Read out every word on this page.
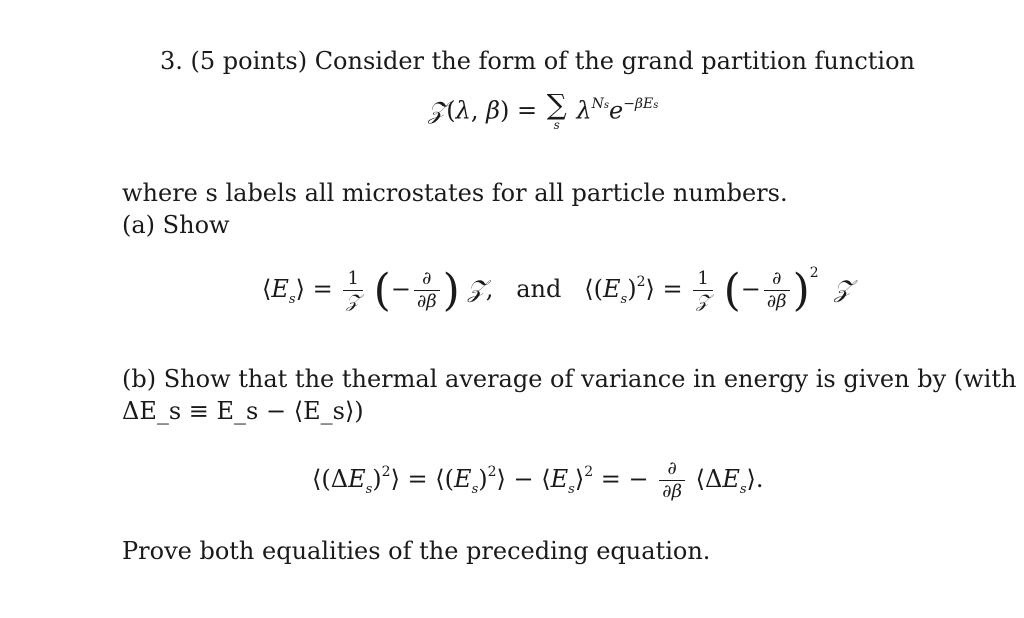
3. (5 points) Consider the form of the grand partition function
𝒵(λ, β) = ∑
s
$\lambda^{Ns}e^{-\beta Es}$
where s labels all microstates for all particle numbers.
(a) Show
$⟨E_s⟩ = \frac{1}{\text{𝒵}}$ (− $\frac{\partial}{\partial\beta}$ ) 𝒵,   and   $⟨(E_s)^2⟩ = \frac{1}{\text{𝒵}}$ (− $\frac{\partial}{\partial\beta} )^2$  𝒵
(b) Show that the thermal average of variance in energy is given by (with
ΔE_s ≡ E_s − ⟨E_s⟩)
$⟨(\Delta E_s)^2⟩$ = $⟨(E_s)^2⟩$ − $⟨E_s⟩^2$ = − $\frac{\partial}{\partial\beta}$ $⟨\Delta E_s⟩$.
Prove both equalities of the preceding equation.
